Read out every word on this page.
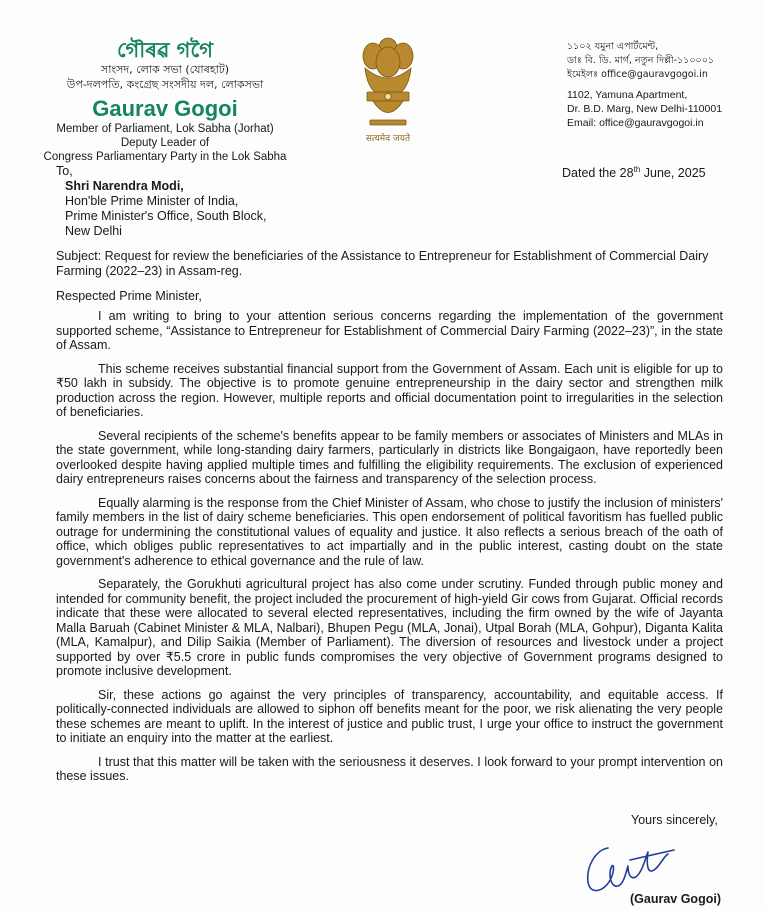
গৌৰৱ গগৈ
সাংসদ, লোক সভা (যোৰহাট)
উপ-দলপতি, কংগ্ৰেছ সংসদীয় দল, লোকসভা
Gaurav Gogoi
Member of Parliament, Lok Sabha (Jorhat)
Deputy Leader of
Congress Parliamentary Party in the Lok Sabha
सत्यमेव जयते
১১০২ যমুনা এপাৰ্টমেন্ট,
ডাঃ বি. ডি. মাৰ্গ, নতুন দিল্লী-১১০০০১
ইমেইলঃ office@gauravgogoi.in
1102, Yamuna Apartment,
Dr. B.D. Marg, New Delhi-110001
Email: office@gauravgogoi.in
Dated the 28th June, 2025
To,
Shri Narendra Modi,
Hon'ble Prime Minister of India,
Prime Minister's Office, South Block,
New Delhi
Subject: Request for review the beneficiaries of the Assistance to Entrepreneur for Establishment of Commercial Dairy Farming (2022–23) in Assam-reg.
Respected Prime Minister,

I am writing to bring to your attention serious concerns regarding the implementation of the government supported scheme, “Assistance to Entrepreneur for Establishment of Commercial Dairy Farming (2022–23)”, in the state of Assam.

This scheme receives substantial financial support from the Government of Assam. Each unit is eligible for up to ₹50 lakh in subsidy. The objective is to promote genuine entrepreneurship in the dairy sector and strengthen milk production across the region. However, multiple reports and official documentation point to irregularities in the selection of beneficiaries.

Several recipients of the scheme's benefits appear to be family members or associates of Ministers and MLAs in the state government, while long-standing dairy farmers, particularly in districts like Bongaigaon, have reportedly been overlooked despite having applied multiple times and fulfilling the eligibility requirements. The exclusion of experienced dairy entrepreneurs raises concerns about the fairness and transparency of the selection process.

Equally alarming is the response from the Chief Minister of Assam, who chose to justify the inclusion of ministers' family members in the list of dairy scheme beneficiaries. This open endorsement of political favoritism has fuelled public outrage for undermining the constitutional values of equality and justice. It also reflects a serious breach of the oath of office, which obliges public representatives to act impartially and in the public interest, casting doubt on the state government's adherence to ethical governance and the rule of law.

Separately, the Gorukhuti agricultural project has also come under scrutiny. Funded through public money and intended for community benefit, the project included the procurement of high-yield Gir cows from Gujarat. Official records indicate that these were allocated to several elected representatives, including the firm owned by the wife of Jayanta Malla Baruah (Cabinet Minister & MLA, Nalbari), Bhupen Pegu (MLA, Jonai), Utpal Borah (MLA, Gohpur), Diganta Kalita (MLA, Kamalpur), and Dilip Saikia (Member of Parliament). The diversion of resources and livestock under a project supported by over ₹5.5 crore in public funds compromises the very objective of Government programs designed to promote inclusive development.

Sir, these actions go against the very principles of transparency, accountability, and equitable access. If politically-connected individuals are allowed to siphon off benefits meant for the poor, we risk alienating the very people these schemes are meant to uplift. In the interest of justice and public trust, I urge your office to instruct the government to initiate an enquiry into the matter at the earliest.

I trust that this matter will be taken with the seriousness it deserves. I look forward to your prompt intervention on these issues.

Yours sincerely,
(Gaurav Gogoi)
